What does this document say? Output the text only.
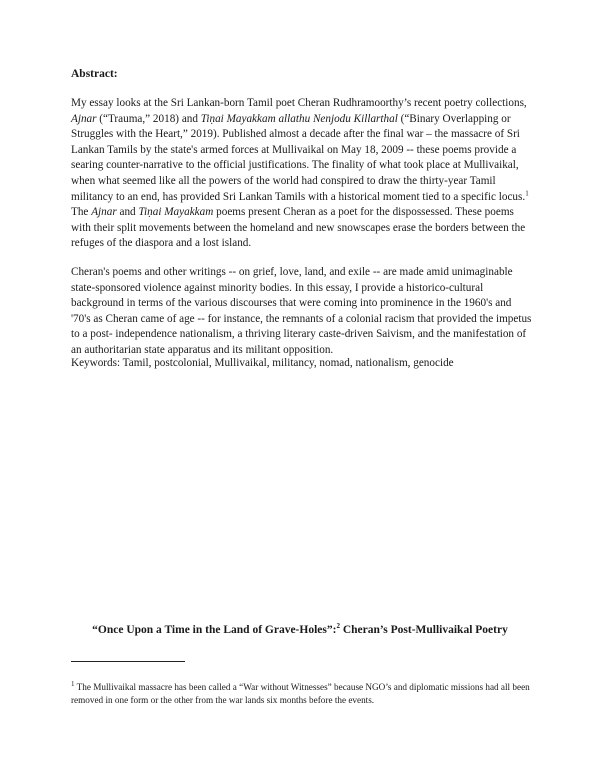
Abstract:

My essay looks at the Sri Lankan-born Tamil poet Cheran Rudhramoorthy’s recent poetry collections, Ajnar (“Trauma,” 2018) and Tiṇai Mayakkam allathu Nenjodu Killarthal (“Binary Overlapping or Struggles with the Heart,” 2019). Published almost a decade after the final war – the massacre of Sri Lankan Tamils by the state's armed forces at Mullivaikal on May 18, 2009 -- these poems provide a searing counter-narrative to the official justifications. The finality of what took place at Mullivaikal, when what seemed like all the powers of the world had conspired to draw the thirty-year Tamil militancy to an end, has provided Sri Lankan Tamils with a historical moment tied to a specific locus.$^1$ The Ajnar and Tiṇai Mayakkam poems present Cheran as a poet for the dispossessed. These poems with their split movements between the homeland and new snowscapes erase the borders between the refuges of the diaspora and a lost island.

Cheran's poems and other writings -- on grief, love, land, and exile -- are made amid unimaginable state-sponsored violence against minority bodies. In this essay, I provide a historico-cultural background in terms of the various discourses that were coming into prominence in the 1960's and '70's as Cheran came of age -- for instance, the remnants of a colonial racism that provided the impetus to a post- independence nationalism, a thriving literary caste-driven Saivism, and the manifestation of an authoritarian state apparatus and its militant opposition.

Keywords: Tamil, postcolonial, Mullivaikal, militancy, nomad, nationalism, genocide

“Once Upon a Time in the Land of Grave-Holes”:$^2$ Cheran’s Post-Mullivaikal Poetry

$^1$ The Mullivaikal massacre has been called a “War without Witnesses” because NGO’s and diplomatic missions had all been removed in one form or the other from the war lands six months before the events.
